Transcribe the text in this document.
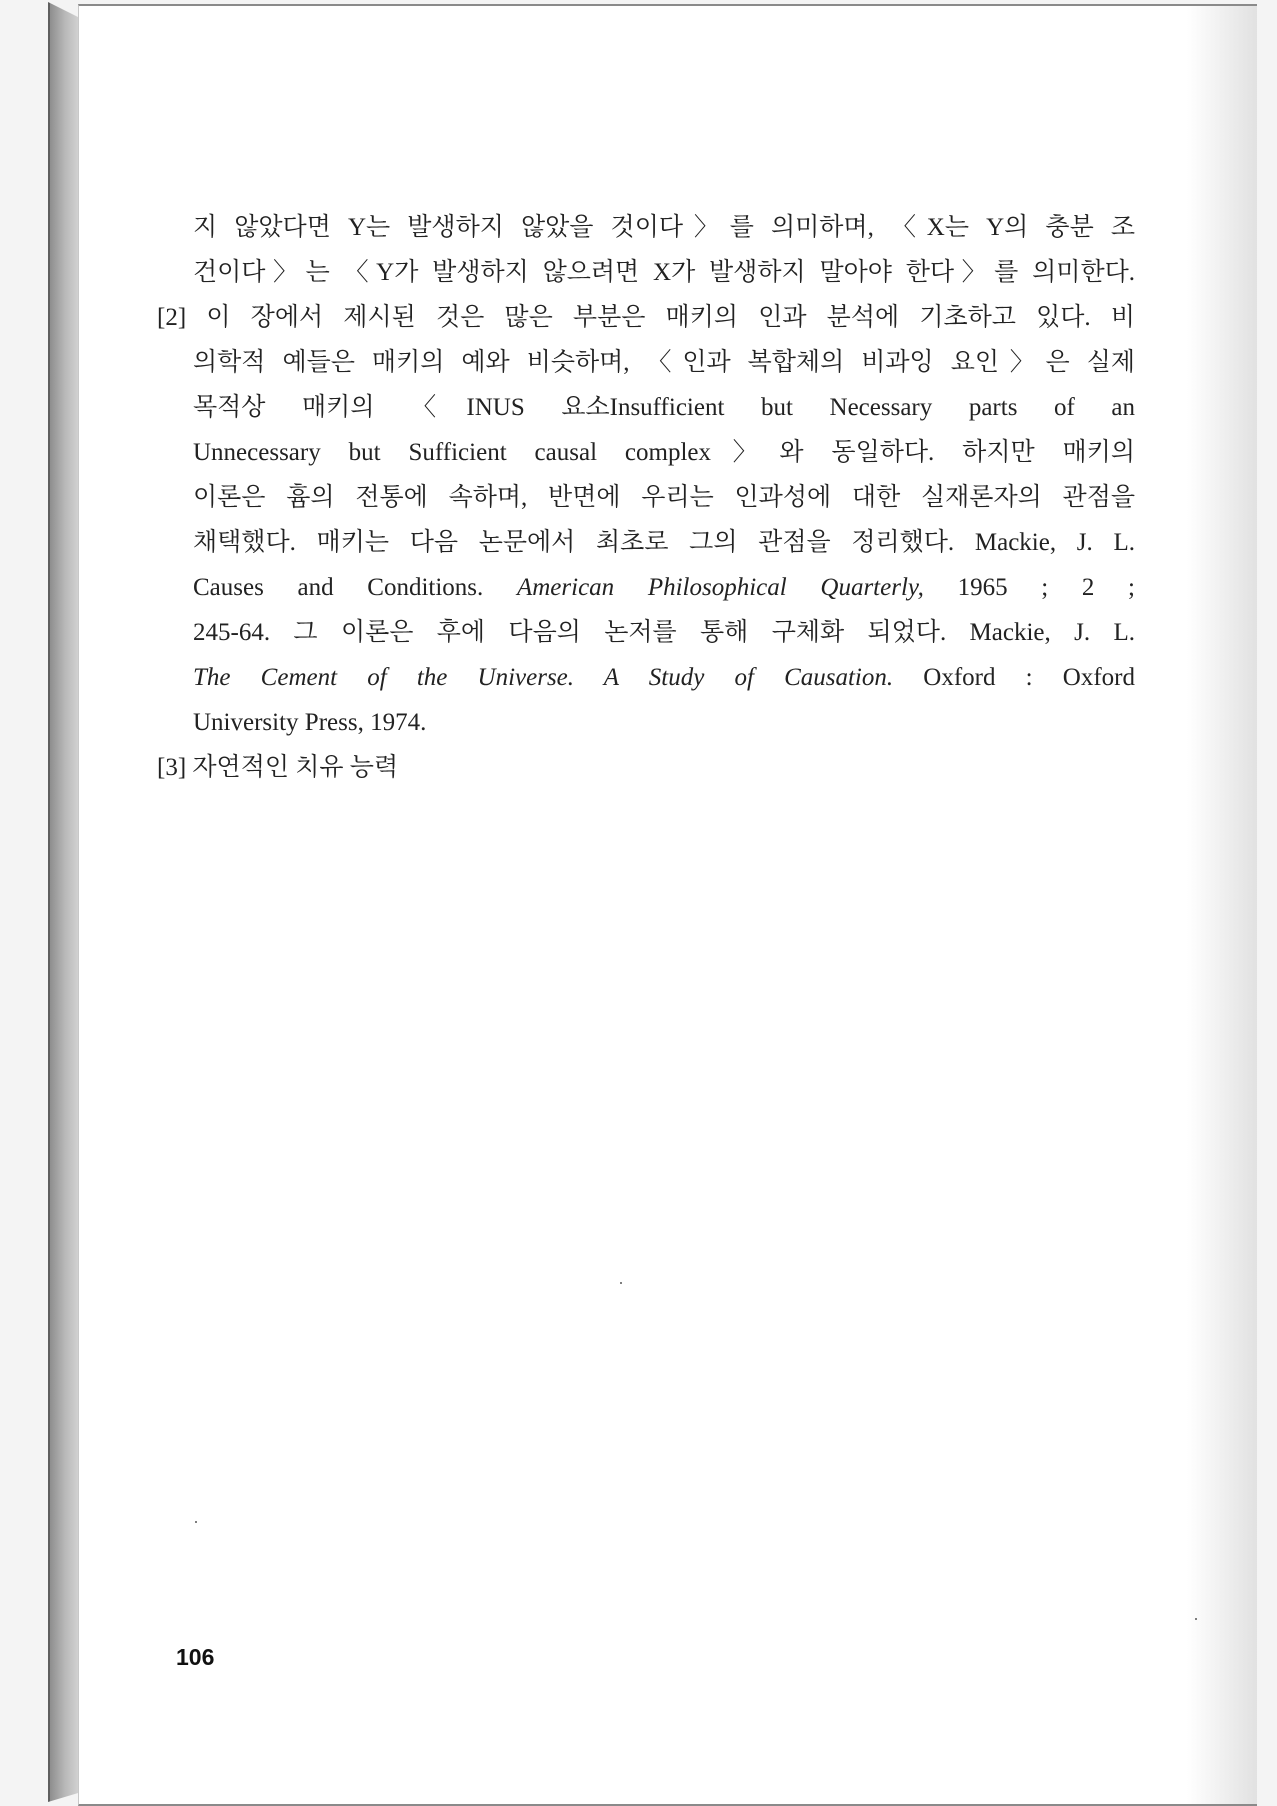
지 않았다면 Y는 발생하지 않았을 것이다〉를 의미하며, 〈X는 Y의 충분 조
건이다〉는 〈Y가 발생하지 않으려면 X가 발생하지 말아야 한다〉를 의미한다.
[2] 이 장에서 제시된 것은 많은 부분은 매키의 인과 분석에 기초하고 있다. 비
의학적 예들은 매키의 예와 비슷하며, 〈인과 복합체의 비과잉 요인〉은 실제
목적상 매키의 〈INUS 요소Insufficient but Necessary parts of an
Unnecessary but Sufficient causal complex〉와 동일하다. 하지만 매키의
이론은 흄의 전통에 속하며, 반면에 우리는 인과성에 대한 실재론자의 관점을
채택했다. 매키는 다음 논문에서 최초로 그의 관점을 정리했다. Mackie, J. L.
Causes and Conditions. American Philosophical Quarterly, 1965 ; 2 ;
245-64. 그 이론은 후에 다음의 논저를 통해 구체화 되었다. Mackie, J. L.
The Cement of the Universe. A Study of Causation. Oxford : Oxford
University Press, 1974.
[3] 자연적인 치유 능력
106
